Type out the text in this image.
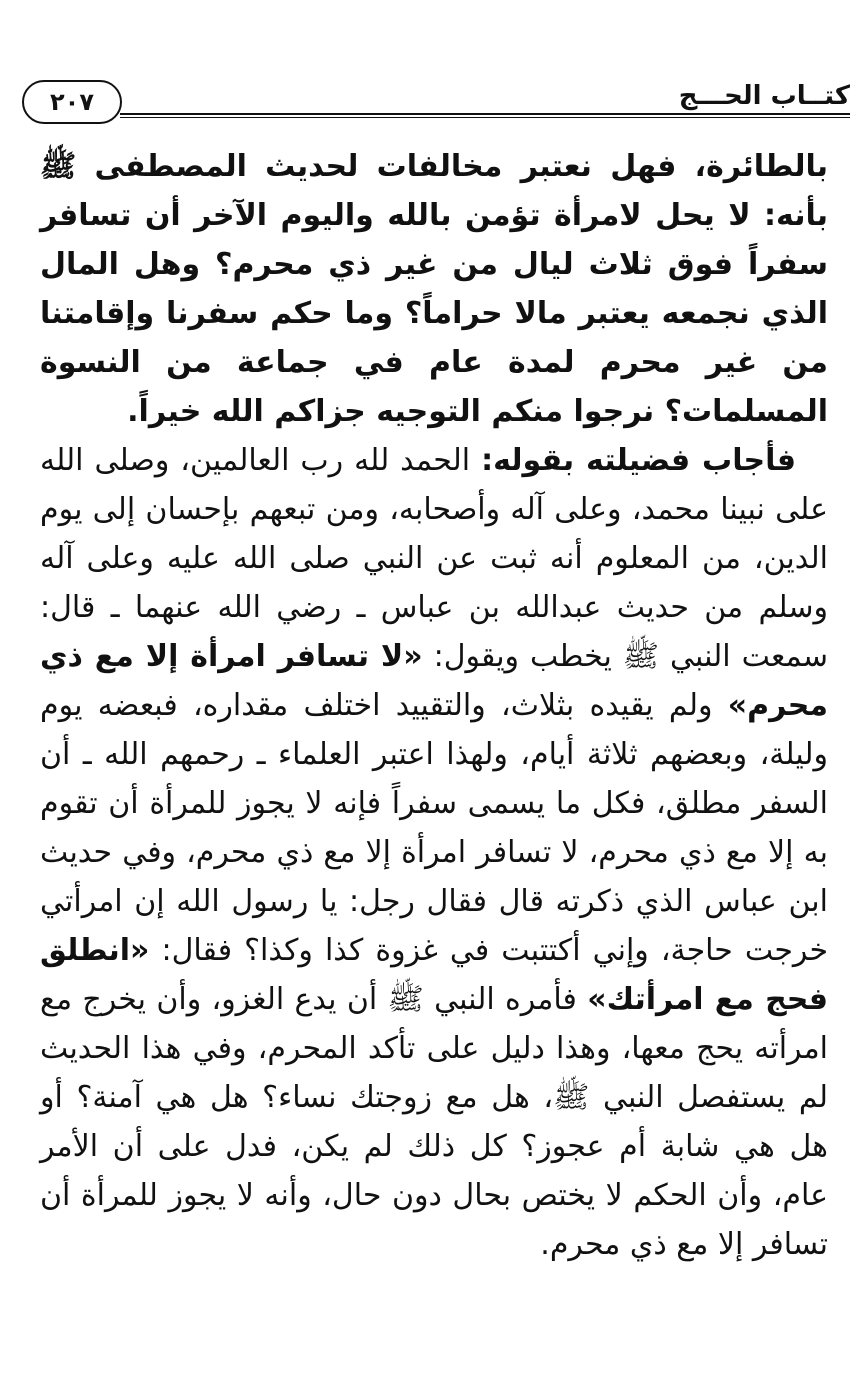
٢٠٧	كتــاب الحـــج

بالطائرة، فهل نعتبر مخالفات لحديث المصطفى ﷺ بأنه: لا يحل لامرأة تؤمن بالله واليوم الآخر أن تسافر سفراً فوق ثلاث ليال من غير ذي محرم؟ وهل المال الذي نجمعه يعتبر مالا حراماً؟ وما حكم سفرنا وإقامتنا من غير محرم لمدة عام في جماعة من النسوة المسلمات؟ نرجوا منكم التوجيه جزاكم الله خيراً.

فأجاب فضيلته بقوله: الحمد لله رب العالمين، وصلى الله على نبينا محمد، وعلى آله وأصحابه، ومن تبعهم بإحسان إلى يوم الدين، من المعلوم أنه ثبت عن النبي صلى الله عليه وعلى آله وسلم من حديث عبدالله بن عباس ـ رضي الله عنهما ـ قال: سمعت النبي ﷺ يخطب ويقول: «لا تسافر امرأة إلا مع ذي محرم» ولم يقيده بثلاث، والتقييد اختلف مقداره، فبعضه يوم وليلة، وبعضهم ثلاثة أيام، ولهذا اعتبر العلماء ـ رحمهم الله ـ أن السفر مطلق، فكل ما يسمى سفراً فإنه لا يجوز للمرأة أن تقوم به إلا مع ذي محرم، لا تسافر امرأة إلا مع ذي محرم، وفي حديث ابن عباس الذي ذكرته قال فقال رجل: يا رسول الله إن امرأتي خرجت حاجة، وإني أكتتبت في غزوة كذا وكذا؟ فقال: «انطلق فحج مع امرأتك» فأمره النبي ﷺ أن يدع الغزو، وأن يخرج مع امرأته يحج معها، وهذا دليل على تأكد المحرم، وفي هذا الحديث لم يستفصل النبي ﷺ، هل مع زوجتك نساء؟ هل هي آمنة؟ أو هل هي شابة أم عجوز؟ كل ذلك لم يكن، فدل على أن الأمر عام، وأن الحكم لا يختص بحال دون حال، وأنه لا يجوز للمرأة أن تسافر إلا مع ذي محرم.
